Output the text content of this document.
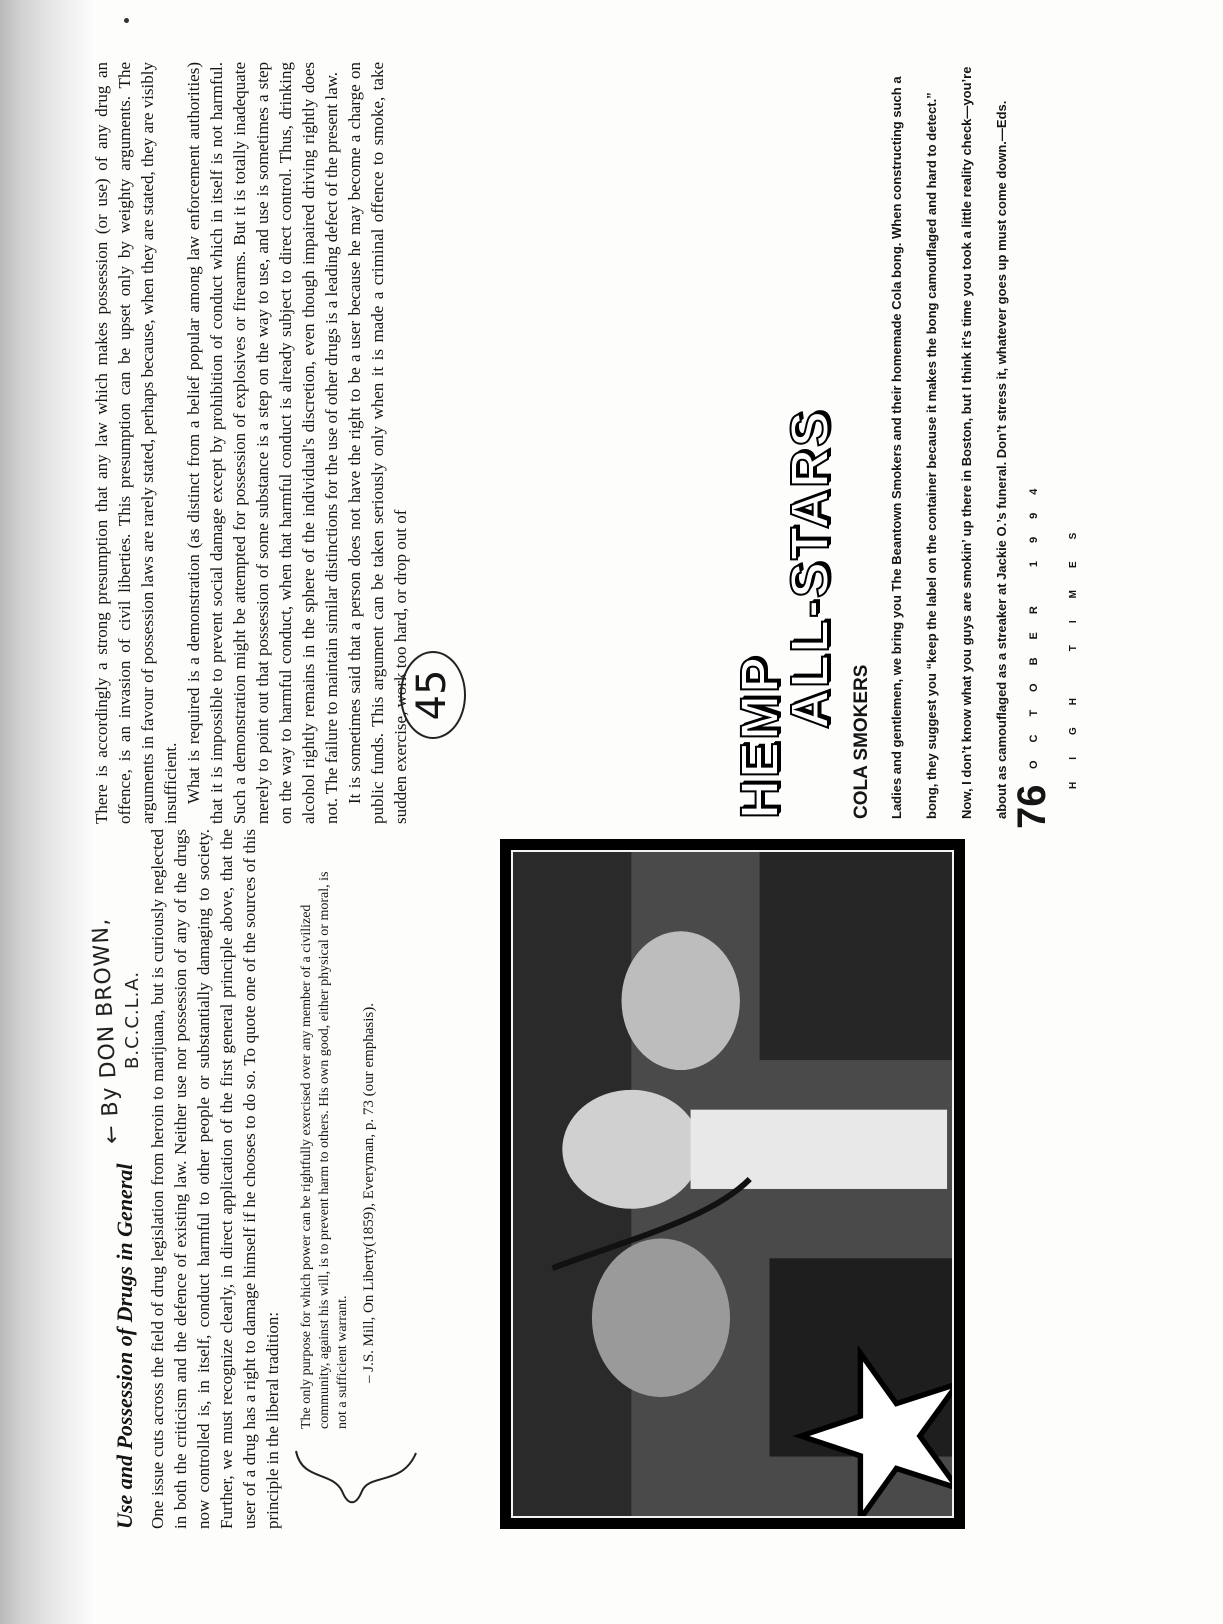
Use and Possession of Drugs in General
← By DON BROWN,
B.C.C.L.A. One issue cuts across the field of drug legislation from heroin to marijuana, but is curiously neglected in both the criticism and the defence of existing law. Neither use nor possession of any of the drugs now controlled is, in itself, conduct harmful to other people or substantially damaging to society. Further, we must recognize clearly, in direct application of the first general principle above, that the user of a drug has a right to damage himself if he chooses to do so. To quote one of the sources of this principle in the liberal tradition: The only purpose for which power can be rightfully exercised over any member of a civilized community, against his will, is to prevent harm to others. His own good, either physical or moral, is not a sufficient warrant. – J.S. Mill, On Liberty(1859), Everyman, p. 73 (our emphasis).

There is accordingly a strong presumption that any law which makes possession (or use) of any drug an offence, is an invasion of civil liberties. This presumption can be upset only by weighty arguments. The arguments in favour of possession laws are rarely stated, perhaps because, when they are stated, they are visibly insufficient. What is required is a demonstration (as distinct from a belief popular among law enforcement authorities) that it is impossible to prevent social damage except by prohibition of conduct which in itself is not harmful. Such a demonstration might be attempted for possession of explosives or firearms. But it is totally inadequate merely to point out that possession of some substance is a step on the way to use, and use is sometimes a step on the way to harmful conduct, when that harmful conduct is already subject to direct control. Thus, drinking alcohol rightly remains in the sphere of the individual's discretion, even though impaired driving rightly does not. The failure to maintain similar distinctions for the use of other drugs is a leading defect of the present law. It is sometimes said that a person does not have the right to be a user because he may become a charge on public funds. This argument can be taken seriously only when it is made a criminal offence to smoke, take sudden exercise, work too hard, or drop out of 45	HEMP
ALL-STARS
COLA SMOKERS	Ladies and gentlemen, we bring you The Beantown Smokers and their homemade Cola bong. When constructing such a bong, they suggest you “keep the label on the container because it makes the bong camouflaged and hard to detect.” Now, I don’t know what you guys are smokin’ up there in Boston, but I think it’s time you took a little reality check—you’re about as camouflaged as a streaker at Jackie O.’s funeral. Don’t stress it, whatever goes up must come down.—Eds. 76
OCTOBER 1994	HIGH TIMES
